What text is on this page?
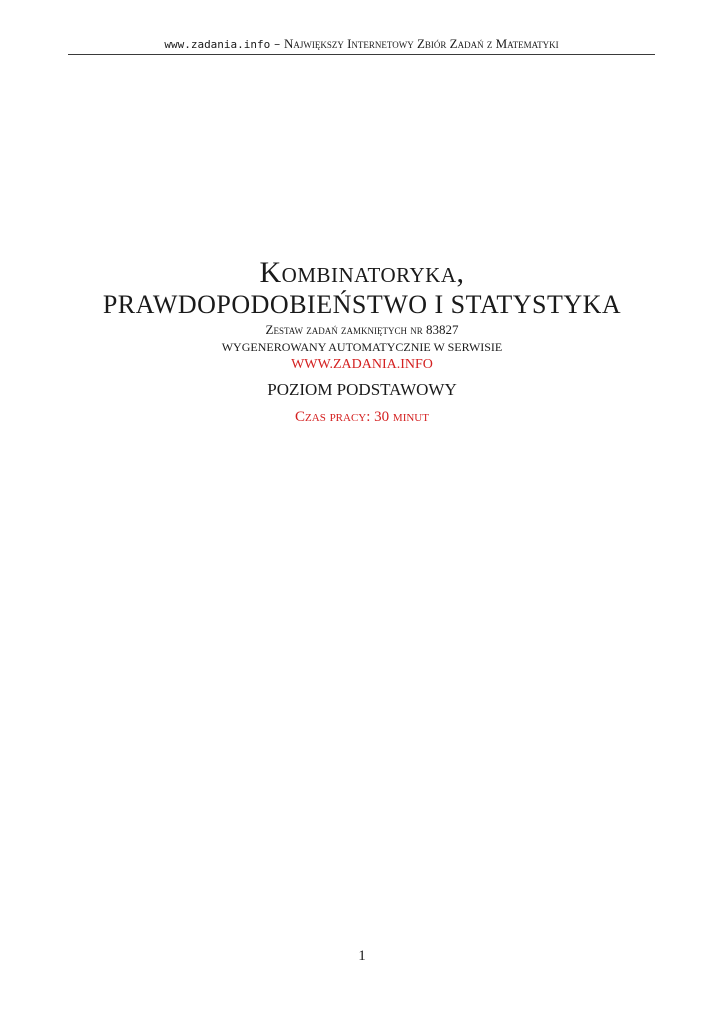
www.zadania.info – Największy Internetowy Zbiór Zadań z Matematyki
Kombinatoryka,
PRAWDOPODOBIEŃSTWO I STATYSTYKA
Zestaw zadań zamkniętych nr 83827
WYGENEROWANY AUTOMATYCZNIE W SERWISIE
WWW.ZADANIA.INFO
POZIOM PODSTAWOWY
Czas pracy: 30 minut
1
